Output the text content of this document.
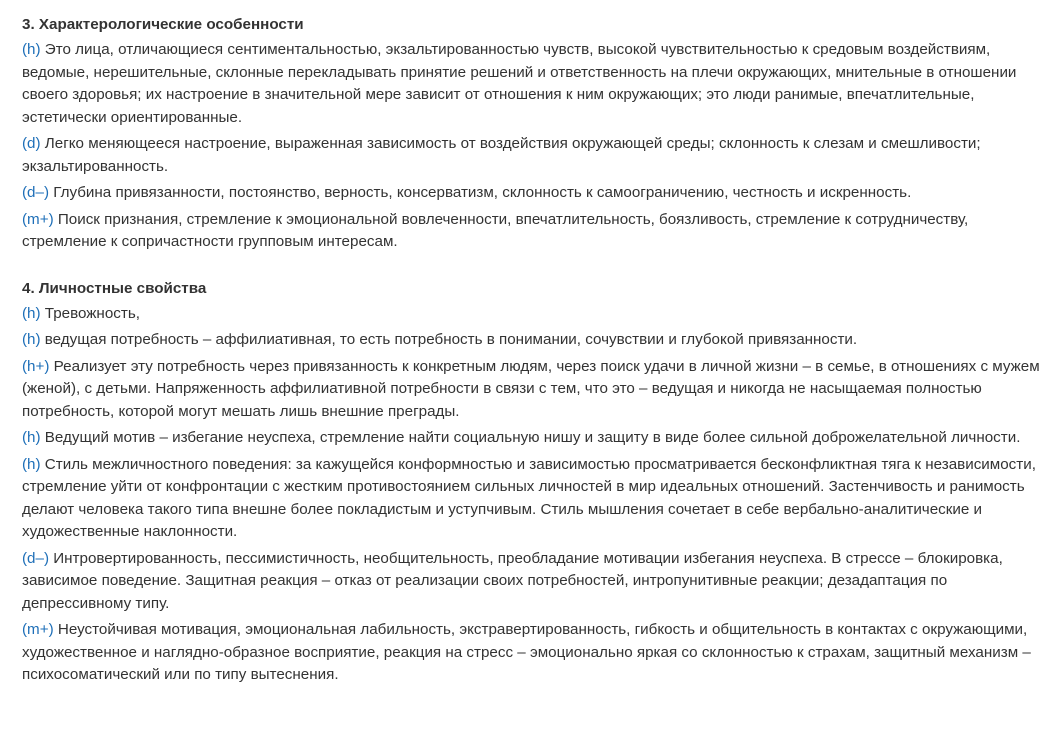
3. Характерологические особенности

(h) Это лица, отличающиеся сентиментальностью, экзальтированностью чувств, высокой чувствительностью к средовым воздействиям, ведомые, нерешительные, склонные перекладывать принятие решений и ответственность на плечи окружающих, мнительные в отношении своего здоровья; их настроение в значительной мере зависит от отношения к ним окружающих; это люди ранимые, впечатлительные, эстетически ориентированные.

(d) Легко меняющееся настроение, выраженная зависимость от воздействия окружающей среды; склонность к слезам и смешливости; экзальтированность.

(d–) Глубина привязанности, постоянство, верность, консерватизм, склонность к самоограничению, честность и искренность.

(m+) Поиск признания, стремление к эмоциональной вовлеченности, впечатлительность, боязливость, стремление к сотрудничеству, стремление к сопричастности групповым интересам.

4. Личностные свойства

(h) Тревожность,

(h) ведущая потребность – аффилиативная, то есть потребность в понимании, сочувствии и глубокой привязанности.

(h+) Реализует эту потребность через привязанность к конкретным людям, через поиск удачи в личной жизни – в семье, в отношениях с мужем (женой), с детьми. Напряженность аффилиативной потребности в связи с тем, что это – ведущая и никогда не насыщаемая полностью потребность, которой могут мешать лишь внешние преграды.

(h) Ведущий мотив – избегание неуспеха, стремление найти социальную нишу и защиту в виде более сильной доброжелательной личности.

(h) Стиль межличностного поведения: за кажущейся конформностью и зависимостью просматривается бесконфликтная тяга к независимости, стремление уйти от конфронтации с жестким противостоянием сильных личностей в мир идеальных отношений. Застенчивость и ранимость делают человека такого типа внешне более покладистым и уступчивым. Стиль мышления сочетает в себе вербально-аналитические и художественные наклонности.

(d–) Интровертированность, пессимистичность, необщительность, преобладание мотивации избегания неуспеха. В стрессе – блокировка, зависимое поведение. Защитная реакция – отказ от реализации своих потребностей, интропунитивные реакции; дезадаптация по депрессивному типу.

(m+) Неустойчивая мотивация, эмоциональная лабильность, экстравертированность, гибкость и общительность в контактах с окружающими, художественное и наглядно-образное восприятие, реакция на стресс – эмоционально яркая со склонностью к страхам, защитный механизм – психосоматический или по типу вытеснения.
